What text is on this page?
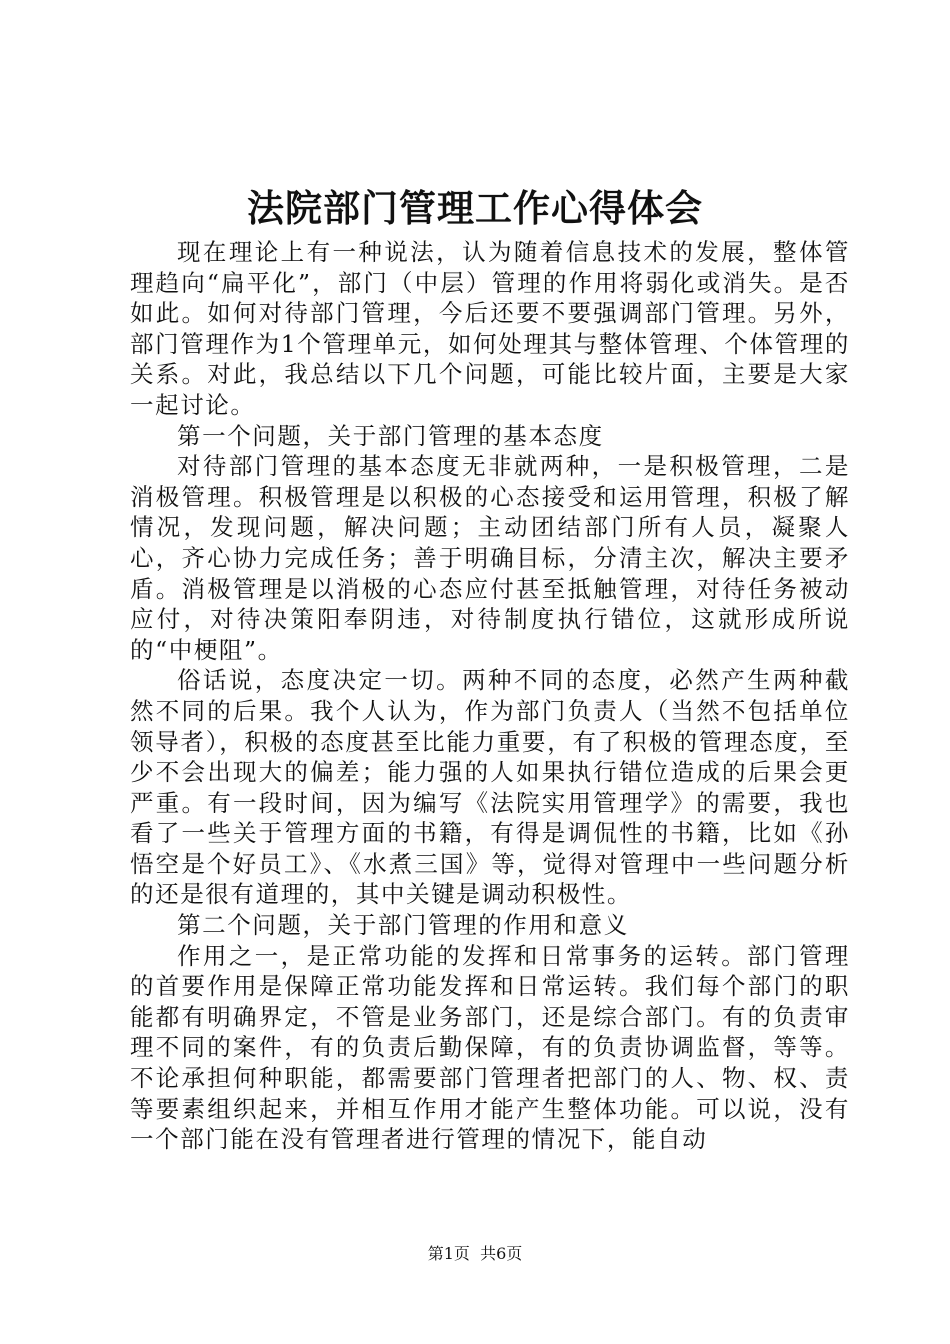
法院部门管理工作心得体会

现在理论上有一种说法，认为随着信息技术的发展，整体管理趋向“扁平化”，部门（中层）管理的作用将弱化或消失。是否如此。如何对待部门管理，今后还要不要强调部门管理。另外，部门管理作为1个管理单元，如何处理其与整体管理、个体管理的关系。对此，我总结以下几个问题，可能比较片面，主要是大家一起讨论。

第一个问题，关于部门管理的基本态度

对待部门管理的基本态度无非就两种，一是积极管理，二是消极管理。积极管理是以积极的心态接受和运用管理，积极了解情况，发现问题，解决问题；主动团结部门所有人员，凝聚人心，齐心协力完成任务；善于明确目标，分清主次，解决主要矛盾。消极管理是以消极的心态应付甚至抵触管理，对待任务被动应付，对待决策阳奉阴违，对待制度执行错位，这就形成所说的“中梗阻”。

俗话说，态度决定一切。两种不同的态度，必然产生两种截然不同的后果。我个人认为，作为部门负责人（当然不包括单位领导者），积极的态度甚至比能力重要，有了积极的管理态度，至少不会出现大的偏差；能力强的人如果执行错位造成的后果会更严重。有一段时间，因为编写《法院实用管理学》的需要，我也看了一些关于管理方面的书籍，有得是调侃性的书籍，比如《孙悟空是个好员工》、《水煮三国》等，觉得对管理中一些问题分析的还是很有道理的，其中关键是调动积极性。

第二个问题，关于部门管理的作用和意义

作用之一，是正常功能的发挥和日常事务的运转。部门管理的首要作用是保障正常功能发挥和日常运转。我们每个部门的职能都有明确界定，不管是业务部门，还是综合部门。有的负责审理不同的案件，有的负责后勤保障，有的负责协调监督，等等。不论承担何种职能，都需要部门管理者把部门的人、物、权、责等要素组织起来，并相互作用才能产生整体功能。可以说，没有一个部门能在没有管理者进行管理的情况下，能自动

第1页 共6页
